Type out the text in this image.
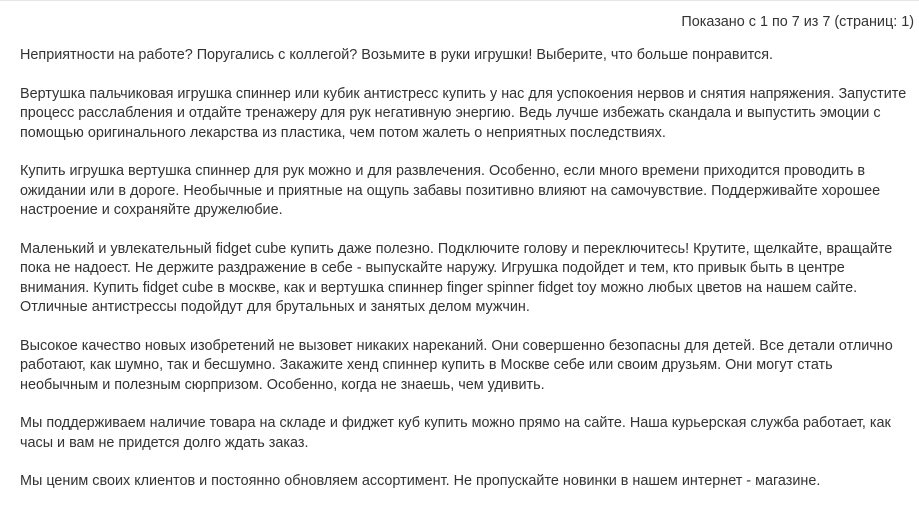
Показано с 1 по 7 из 7 (страниц: 1)

Неприятности на работе? Поругались с коллегой? Возьмите в руки игрушки! Выберите, что больше понравится.

Вертушка пальчиковая игрушка спиннер или кубик антистресс купить у нас для успокоения нервов и снятия напряжения. Запустите процесс расслабления и отдайте тренажеру для рук негативную энергию. Ведь лучше избежать скандала и выпустить эмоции с помощью оригинального лекарства из пластика, чем потом жалеть о неприятных последствиях.

Купить игрушка вертушка спиннер для рук можно и для развлечения. Особенно, если много времени приходится проводить в ожидании или в дороге. Необычные и приятные на ощупь забавы позитивно влияют на самочувствие. Поддерживайте хорошее настроение и сохраняйте дружелюбие.

Маленький и увлекательный fidget cube купить даже полезно. Подключите голову и переключитесь! Крутите, щелкайте, вращайте пока не надоест. Не держите раздражение в себе - выпускайте наружу. Игрушка подойдет и тем, кто привык быть в центре внимания. Купить fidget cube в москве, как и вертушка спиннер finger spinner fidget toy можно любых цветов на нашем сайте. Отличные антистрессы подойдут для брутальных и занятых делом мужчин.

Высокое качество новых изобретений не вызовет никаких нареканий. Они совершенно безопасны для детей. Все детали отлично работают, как шумно, так и бесшумно. Закажите хенд спиннер купить в Москве себе или своим друзьям. Они могут стать необычным и полезным сюрпризом. Особенно, когда не знаешь, чем удивить.

Мы поддерживаем наличие товара на складе и фиджет куб купить можно прямо на сайте. Наша курьерская служба работает, как часы и вам не придется долго ждать заказ.

Мы ценим своих клиентов и постоянно обновляем ассортимент. Не пропускайте новинки в нашем интернет - магазине.
